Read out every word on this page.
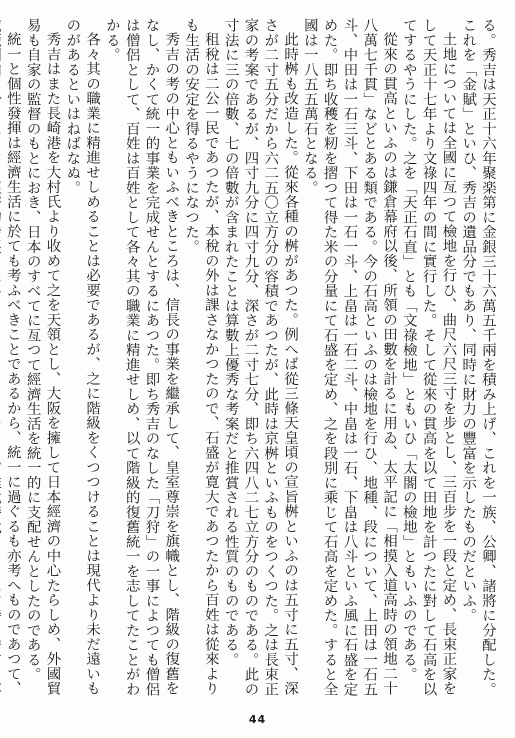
る。秀吉は天正十六年聚楽第に金銀三十六萬五千兩を積み上げ、これを一族、公卿、諸將に分配した。これを「金賦」といひ、秀吉の遺品分でもあり、同時に財力の豐富を示したものだといふ。

土地については全國に亙つて檢地を行ひ、曲尺六尺三寸を步とし、三百步を一段と定め、長束正家をして天正十七年より文祿四年の間に實行した。そして從來の貫高を以て田地を計つたに對して石高を以てするやうにした。之を「天正石直」とも「文祿檢地」ともいひ「太閤の檢地」ともいふのである。

從來の貫高といふのは鎌倉幕府以後、所領の田數を計るに用ゐ、太平記に「相摸入道高時の領地二十八萬七千貫」などとある類である。今の石高といふのは檢地を行ひ、地種、段について、上田は一石五斗、中田は一石三斗、下田は一石一斗、上畠は一石二斗、中畠は一石、下畠は八斗といふ風に石盛を定めた。即ち收穫を籾を摺つて得た米の分量にて石盛を定め、之を段別に乘じて石高を定めた。すると全國は一八五五萬石となる。

此時桝も改造した。從來各種の桝があつた。例へば從三條天皇頃の宣旨桝といふのは五寸に五寸、深さが二寸五分だから六二五〇立方分の容積であつたが、此時は京桝といふものをつくつた。之は長束正家の考案であるが、四寸九分に四寸九分、深さが二寸七分、即ち六四八二七立方分のものである。此の寸法に三の倍數、七の倍數が含まれたことは算數上優秀な考案だと推賞される性質のものである。

租稅は二公一民であつたが、本稅の外は課さなかつたので、石盛が寛大であつたから百姓は從來よりも生活の安定を得るやうになつた。

秀吉の考の中心ともいふべきところは、信長の事業を繼承して、皇室尊崇を旗幟とし、階級の復舊をなし、かくて統一的事業を完成せんとするにあつた。即ち秀吉のなした「刀狩」の一事によつても僧侶は僧侶として、百姓は百姓として各々其の職業に精進せしめ、以て階級的復舊統一を志してたことがわかる。

各々其の職業に精進せしめることは必要であるが、之に階級をくつつけることは現代より未だ遠いものがあるといはねばなぬ。

秀吉はまた長崎港を大村氏より收めて之を天領とし、大阪を擁して日本經濟の中心たらしめ、外國貿易も自家の監督のもとにおき、日本のすべてに亙つて經濟生活を統一的に支配せんとしたのである。

統一と個性發揮は經濟生活に於ても考ふべきことであるから、統一に過ぐるも亦考へものであつて、

44
